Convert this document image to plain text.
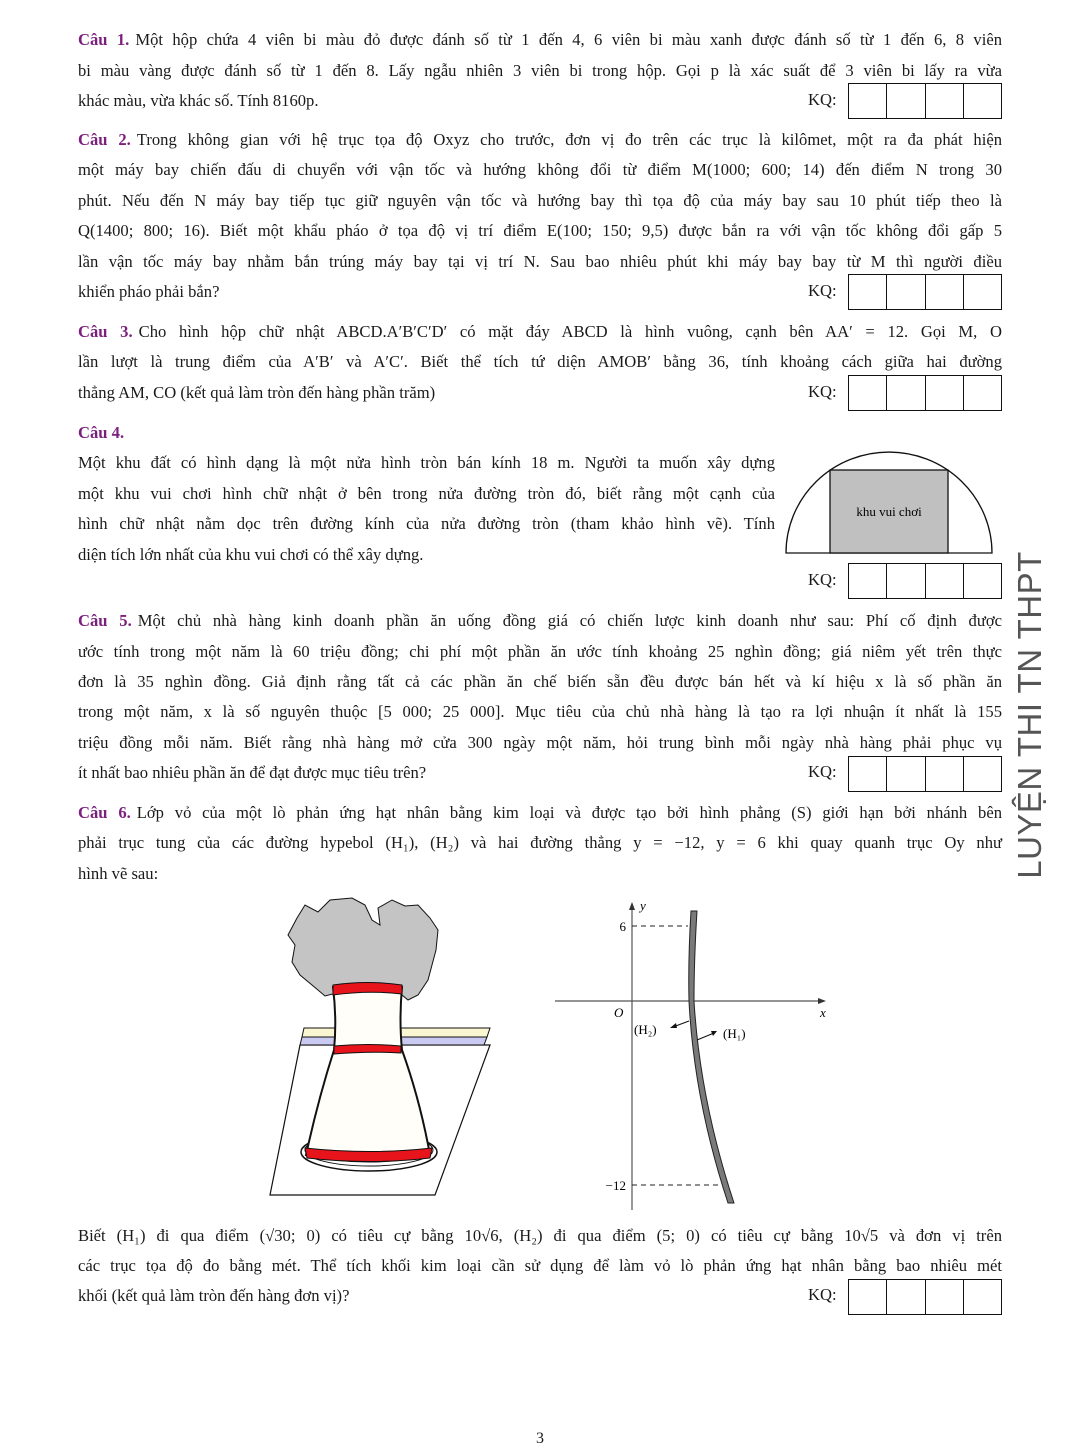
Câu 1. Một hộp chứa 4 viên bi màu đỏ được đánh số từ 1 đến 4, 6 viên bi màu xanh được đánh số từ 1 đến 6, 8 viên
bi màu vàng được đánh số từ 1 đến 8. Lấy ngẫu nhiên 3 viên bi trong hộp. Gọi p là xác suất để 3 viên bi lấy ra vừa
khác màu, vừa khác số. Tính 8160p.	KQ:
Câu 2. Trong không gian với hệ trục tọa độ Oxyz cho trước, đơn vị đo trên các trục là kilômet, một ra đa phát hiện
một máy bay chiến đấu di chuyển với vận tốc và hướng không đổi từ điểm M(1000; 600; 14) đến điểm N trong 30
phút. Nếu đến N máy bay tiếp tục giữ nguyên vận tốc và hướng bay thì tọa độ của máy bay sau 10 phút tiếp theo là
Q(1400; 800; 16). Biết một khẩu pháo ở tọa độ vị trí điểm E(100; 150; 9,5) được bắn ra với vận tốc không đổi gấp 5
lần vận tốc máy bay nhằm bắn trúng máy bay tại vị trí N. Sau bao nhiêu phút khi máy bay bay từ M thì người điều
khiển pháo phải bắn?	KQ:
Câu 3. Cho hình hộp chữ nhật ABCD.A′B′C′D′ có mặt đáy ABCD là hình vuông, cạnh bên AA′ = 12. Gọi M, O
lần lượt là trung điểm của A′B′ và A′C′. Biết thể tích tứ diện AMOB′ bằng 36, tính khoảng cách giữa hai đường
thẳng AM, CO (kết quả làm tròn đến hàng phần trăm)	KQ:
Câu 4.
Một khu đất có hình dạng là một nửa hình tròn bán kính 18 m. Người ta muốn xây dựng
một khu vui chơi hình chữ nhật ở bên trong nửa đường tròn đó, biết rằng một cạnh của
hình chữ nhật nằm dọc trên đường kính của nửa đường tròn (tham khảo hình vẽ). Tính
diện tích lớn nhất của khu vui chơi có thể xây dựng.
KQ:
khu vui chơi
y
x
O
6
−12
(H₂)	(H₁)
Câu 5. Một chủ nhà hàng kinh doanh phần ăn uống đồng giá có chiến lược kinh doanh như sau: Phí cố định được
ước tính trong một năm là 60 triệu đồng; chi phí một phần ăn ước tính khoảng 25 nghìn đồng; giá niêm yết trên thực
đơn là 35 nghìn đồng. Giả định rằng tất cả các phần ăn chế biến sẵn đều được bán hết và kí hiệu x là số phần ăn
trong một năm, x là số nguyên thuộc [5 000; 25 000]. Mục tiêu của chủ nhà hàng là tạo ra lợi nhuận ít nhất là 155
triệu đồng mỗi năm. Biết rằng nhà hàng mở cửa 300 ngày một năm, hỏi trung bình mỗi ngày nhà hàng phải phục vụ
ít nhất bao nhiêu phần ăn để đạt được mục tiêu trên?	KQ:
Câu 6. Lớp vỏ của một lò phản ứng hạt nhân bằng kim loại và được tạo bởi hình phẳng (S) giới hạn bởi nhánh bên
phải trục tung của các đường hypebol (H₁), (H₂) và hai đường thẳng y = −12, y = 6 khi quay quanh trục Oy như
hình vẽ sau:
Biết (H₁) đi qua điểm (√30; 0) có tiêu cự bằng 10√6, (H₂) đi qua điểm (5; 0) có tiêu cự bằng 10√5 và đơn vị trên
các trục tọa độ đo bằng mét. Thể tích khối kim loại cần sử dụng để làm vỏ lò phản ứng hạt nhân bằng bao nhiêu mét
khối (kết quả làm tròn đến hàng đơn vị)?	KQ:
LUYỆN THI TN THPT
3
